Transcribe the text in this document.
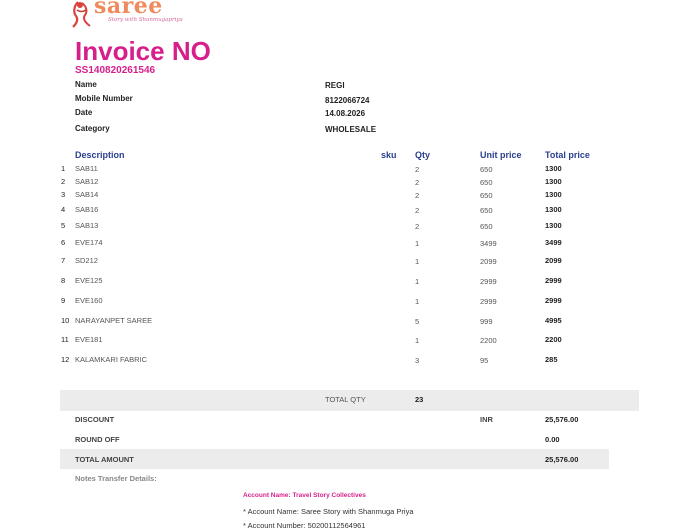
saree
Story with Shanmugapriya
Invoice NO
SS140820261546
Name	REGI
Mobile Number	8122066724
Date	14.08.2026
Category	WHOLESALE
Description	sku Qty	Unit price	Total price
1 SAB11	2	650	1300
2 SAB12	2	650	1300
3 SAB14	2	650	1300
4 SAB16	2	650	1300
5 SAB13	2	650	1300
6 EVE174	1	3499	3499
7 SD212	1	2099	2099
8 EVE125	1	2999	2999
9 EVE160	1	2999	2999
10 NARAYANPET SAREE	5	999	4995
11 EVE181	1	2200	2200
12 KALAMKARI FABRIC	3	95	285
TOTAL QTY	23
DISCOUNT	INR	25,576.00
ROUND OFF	0.00
TOTAL AMOUNT	25,576.00
Notes Transfer Details:
Account Name: Travel Story Collectives
* Account Name: Saree Story with Shanmuga Priya
* Account Number: 50200112564961
